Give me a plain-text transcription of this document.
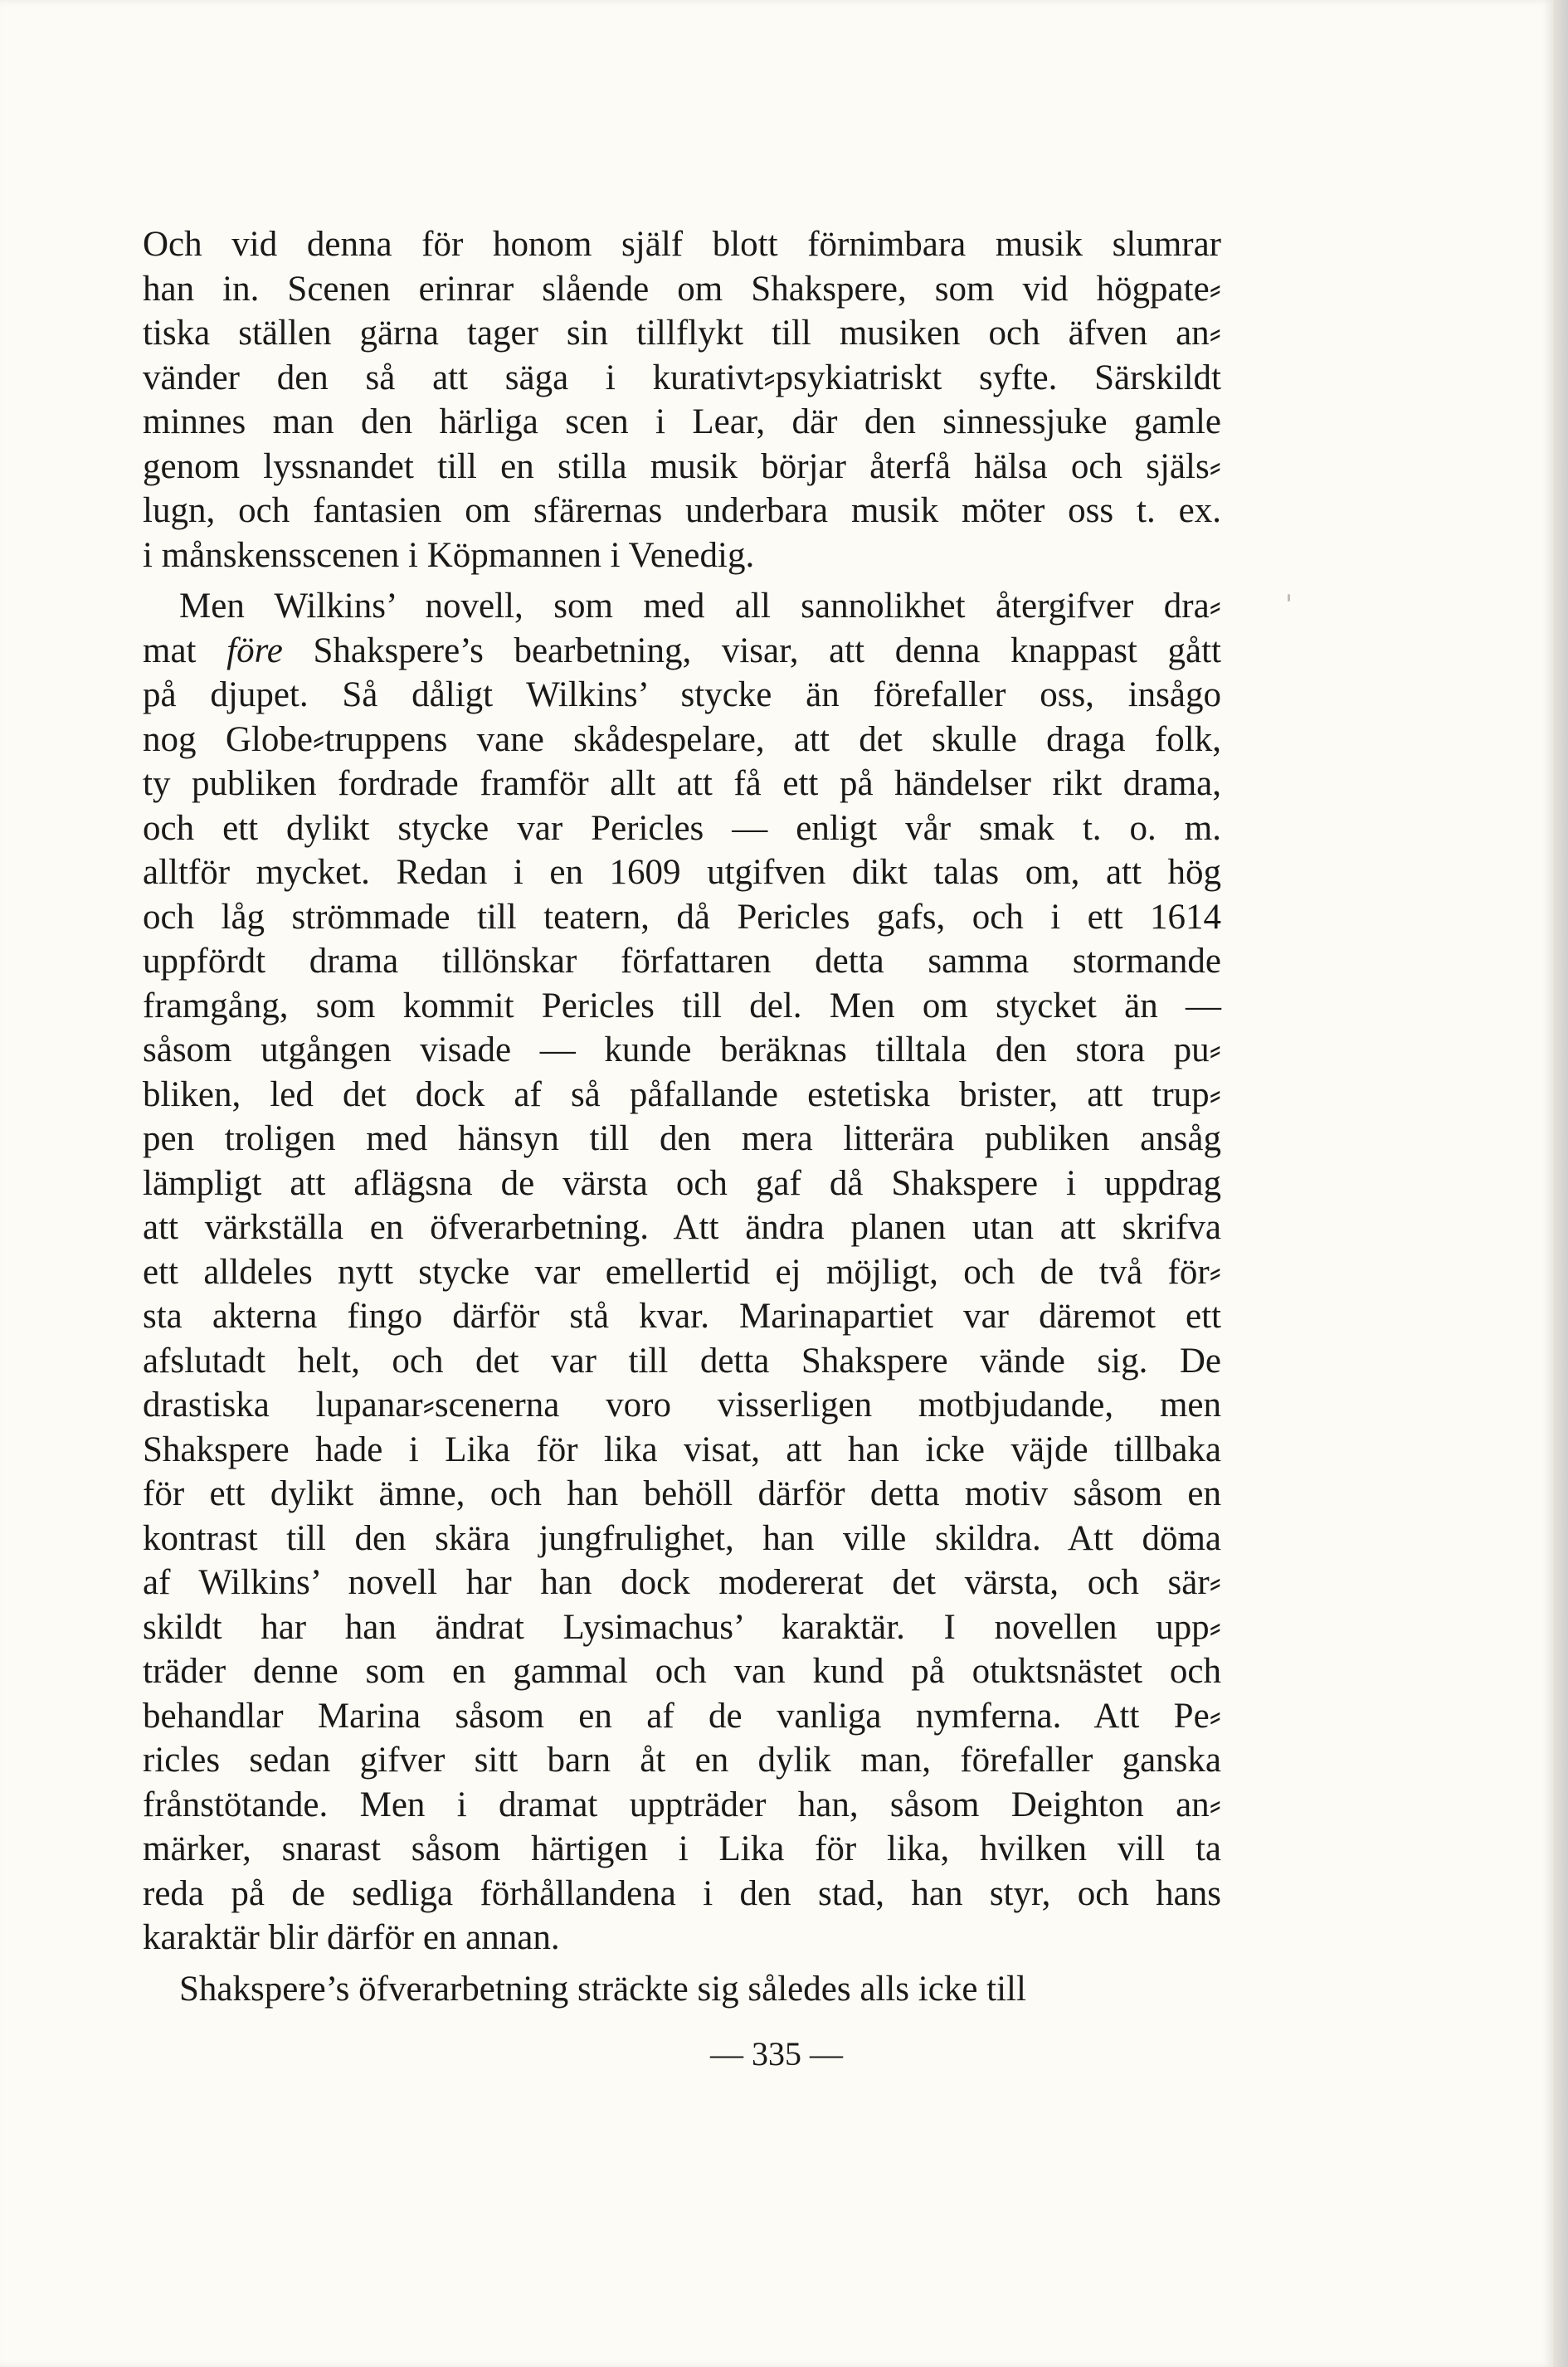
Och vid denna för honom själf blott förnimbara musik slumrar
han in. Scenen erinrar slående om Shakspere, som vid högpate⸗
tiska ställen gärna tager sin tillflykt till musiken och äfven an⸗
vänder den så att säga i kurativt⸗psykiatriskt syfte. Särskildt
minnes man den härliga scen i Lear, där den sinnessjuke gamle
genom lyssnandet till en stilla musik börjar återfå hälsa och själs⸗
lugn, och fantasien om sfärernas underbara musik möter oss t. ex.
i månskensscenen i Köpmannen i Venedig.
Men Wilkins’ novell, som med all sannolikhet återgifver dra⸗
mat före Shakspere’s bearbetning, visar, att denna knappast gått
på djupet. Så dåligt Wilkins’ stycke än förefaller oss, insågo
nog Globe⸗truppens vane skådespelare, att det skulle draga folk,
ty publiken fordrade framför allt att få ett på händelser rikt drama,
och ett dylikt stycke var Pericles — enligt vår smak t. o. m.
alltför mycket. Redan i en 1609 utgifven dikt talas om, att hög
och låg strömmade till teatern, då Pericles gafs, och i ett 1614
uppfördt drama tillönskar författaren detta samma stormande
framgång, som kommit Pericles till del. Men om stycket än —
såsom utgången visade — kunde beräknas tilltala den stora pu⸗
bliken, led det dock af så påfallande estetiska brister, att trup⸗
pen troligen med hänsyn till den mera litterära publiken ansåg
lämpligt att aflägsna de värsta och gaf då Shakspere i uppdrag
att värkställa en öfverarbetning. Att ändra planen utan att skrifva
ett alldeles nytt stycke var emellertid ej möjligt, och de två för⸗
sta akterna fingo därför stå kvar. Marinapartiet var däremot ett
afslutadt helt, och det var till detta Shakspere vände sig. De
drastiska lupanar⸗scenerna voro visserligen motbjudande, men
Shakspere hade i Lika för lika visat, att han icke väjde tillbaka
för ett dylikt ämne, och han behöll därför detta motiv såsom en
kontrast till den skära jungfrulighet, han ville skildra. Att döma
af Wilkins’ novell har han dock modererat det värsta, och sär⸗
skildt har han ändrat Lysimachus’ karaktär. I novellen upp⸗
träder denne som en gammal och van kund på otuktsnästet och
behandlar Marina såsom en af de vanliga nymferna. Att Pe⸗
ricles sedan gifver sitt barn åt en dylik man, förefaller ganska
frånstötande. Men i dramat uppträder han, såsom Deighton an⸗
märker, snarast såsom härtigen i Lika för lika, hvilken vill ta
reda på de sedliga förhållandena i den stad, han styr, och hans
karaktär blir därför en annan.
Shakspere’s öfverarbetning sträckte sig således alls icke till
— 335 —
